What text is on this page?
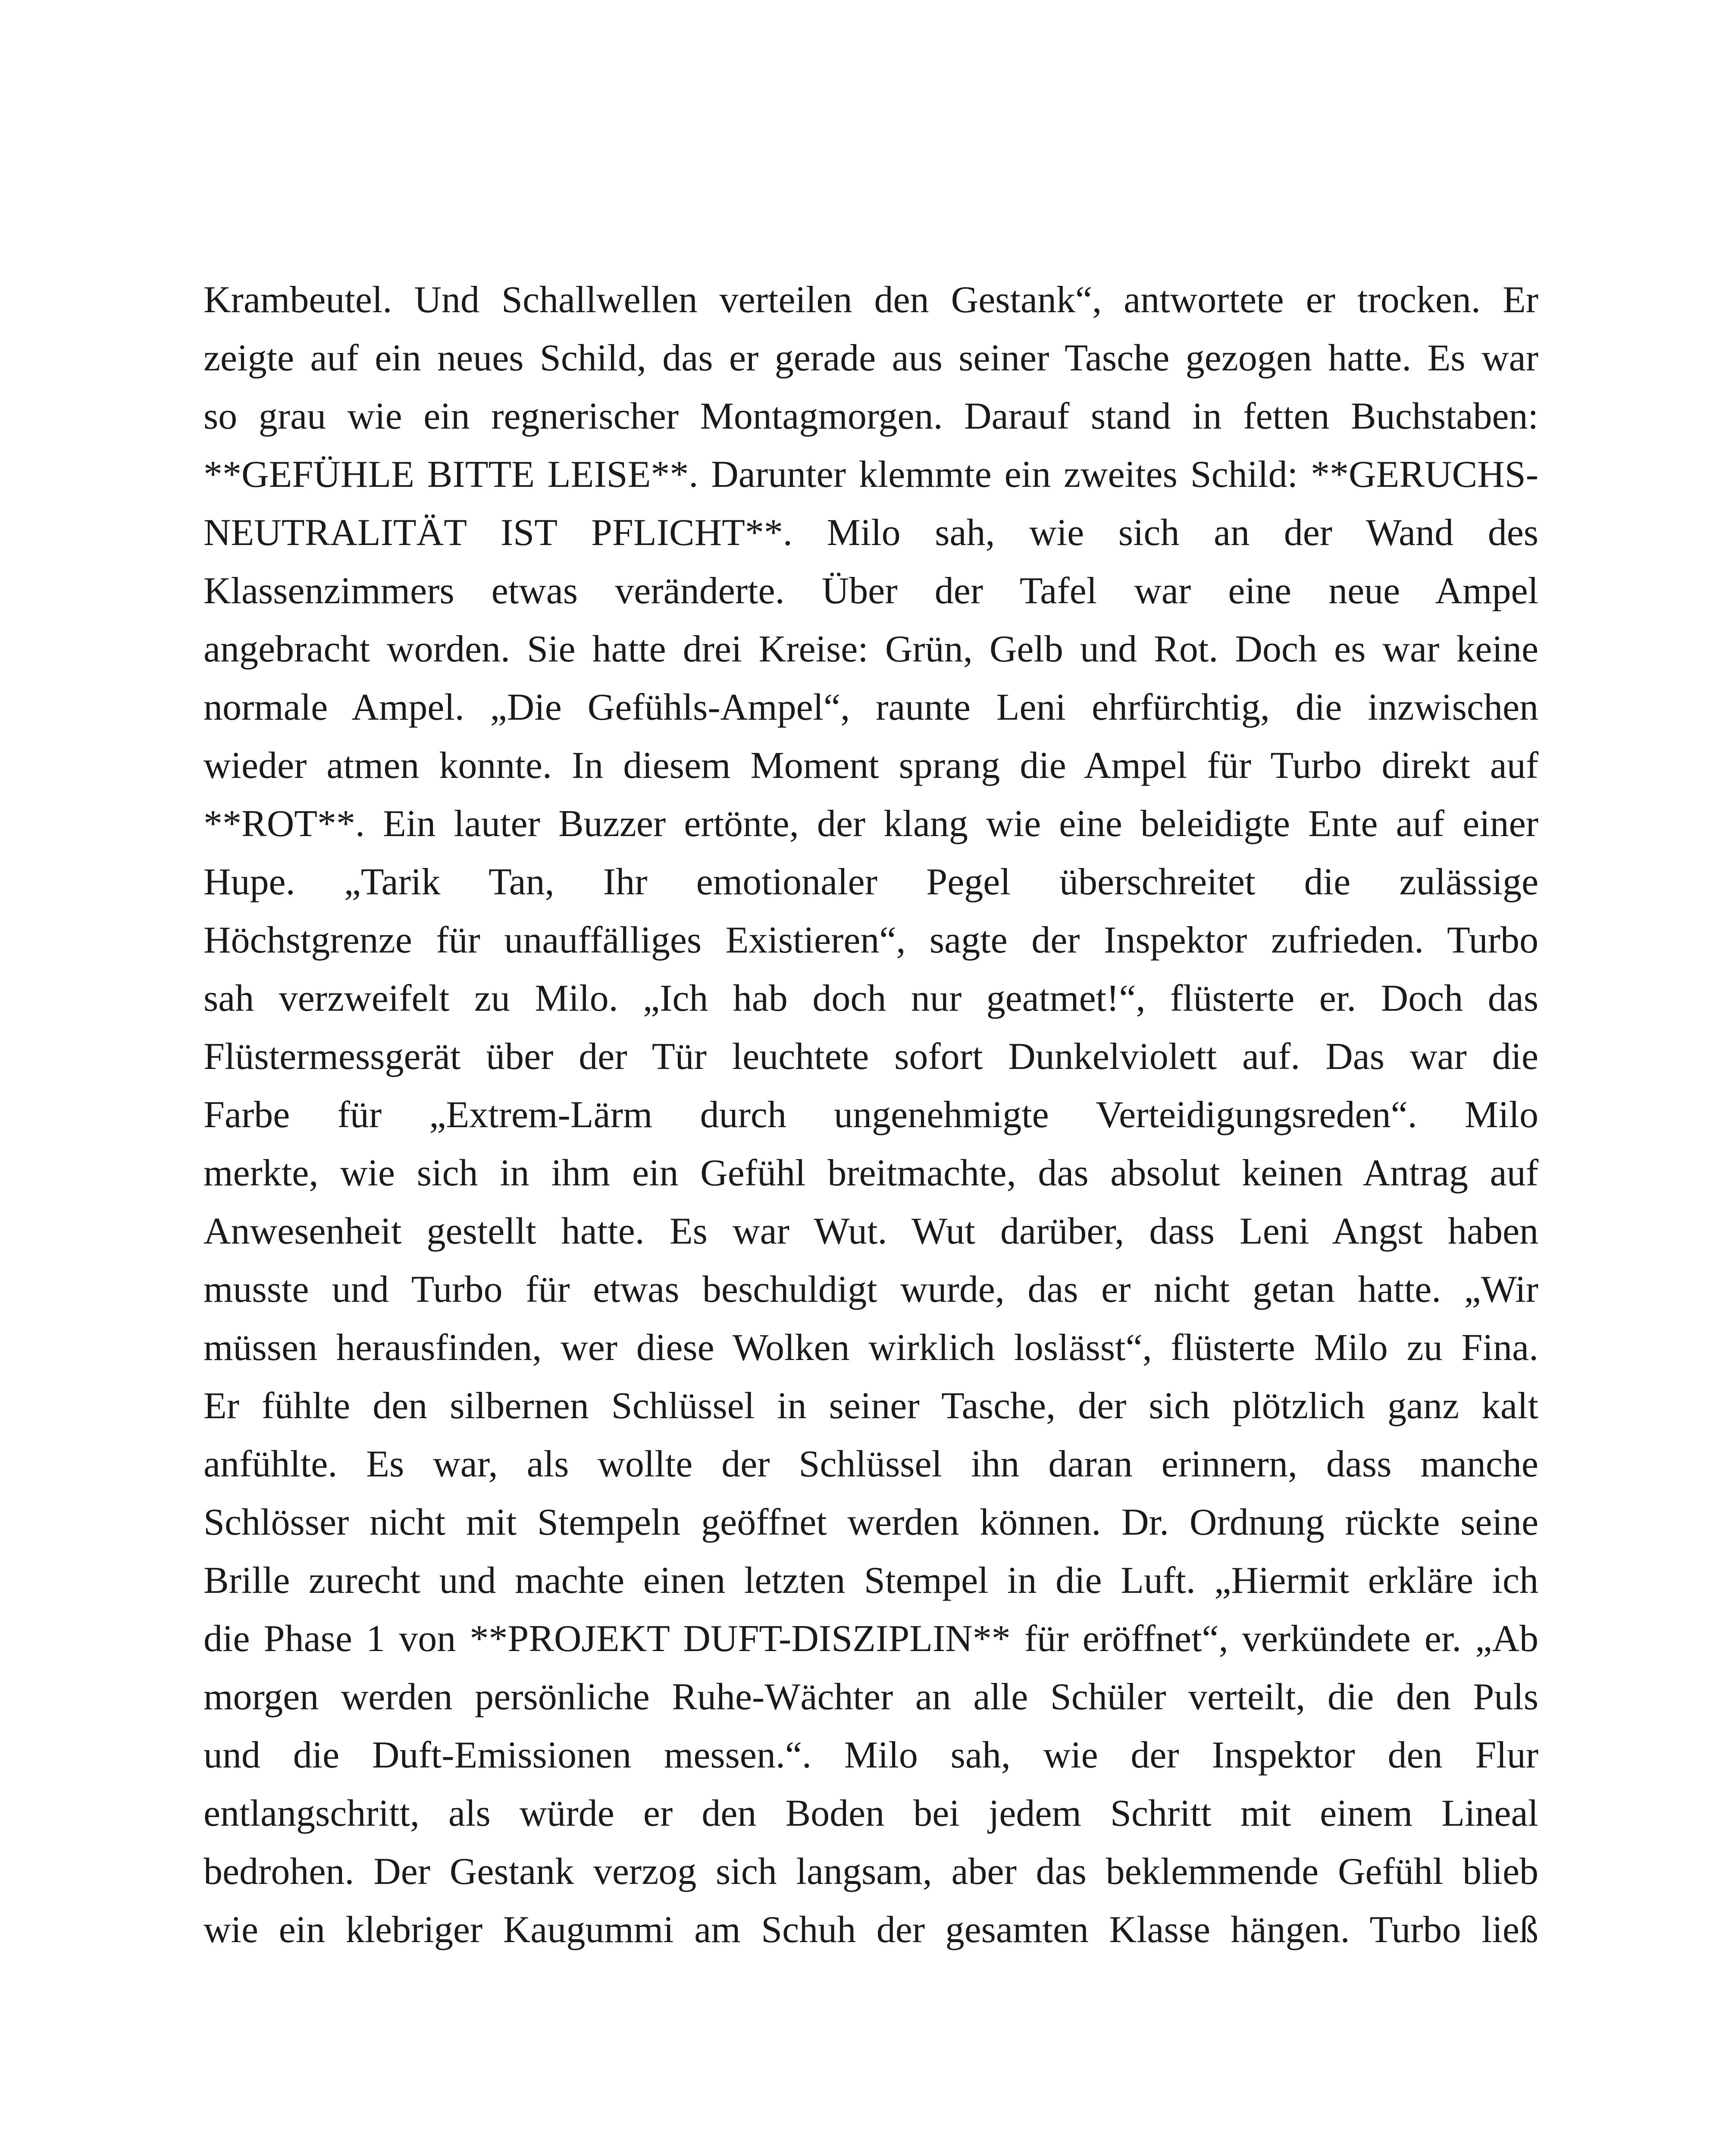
Krambeutel. Und Schallwellen verteilen den Gestank“, antwortete er trocken. Er
zeigte auf ein neues Schild, das er gerade aus seiner Tasche gezogen hatte. Es war
so grau wie ein regnerischer Montagmorgen. Darauf stand in fetten Buchstaben:
**GEFÜHLE BITTE LEISE**. Darunter klemmte ein zweites Schild: **GERUCHS-
NEUTRALITÄT IST PFLICHT**. Milo sah, wie sich an der Wand des
Klassenzimmers etwas veränderte. Über der Tafel war eine neue Ampel
angebracht worden. Sie hatte drei Kreise: Grün, Gelb und Rot. Doch es war keine
normale Ampel. „Die Gefühls-Ampel“, raunte Leni ehrfürchtig, die inzwischen
wieder atmen konnte. In diesem Moment sprang die Ampel für Turbo direkt auf
**ROT**. Ein lauter Buzzer ertönte, der klang wie eine beleidigte Ente auf einer
Hupe. „Tarik Tan, Ihr emotionaler Pegel überschreitet die zulässige
Höchstgrenze für unauffälliges Existieren“, sagte der Inspektor zufrieden. Turbo
sah verzweifelt zu Milo. „Ich hab doch nur geatmet!“, flüsterte er. Doch das
Flüstermessgerät über der Tür leuchtete sofort Dunkelviolett auf. Das war die
Farbe für „Extrem-Lärm durch ungenehmigte Verteidigungsreden“. Milo
merkte, wie sich in ihm ein Gefühl breitmachte, das absolut keinen Antrag auf
Anwesenheit gestellt hatte. Es war Wut. Wut darüber, dass Leni Angst haben
musste und Turbo für etwas beschuldigt wurde, das er nicht getan hatte. „Wir
müssen herausfinden, wer diese Wolken wirklich loslässt“, flüsterte Milo zu Fina.
Er fühlte den silbernen Schlüssel in seiner Tasche, der sich plötzlich ganz kalt
anfühlte. Es war, als wollte der Schlüssel ihn daran erinnern, dass manche
Schlösser nicht mit Stempeln geöffnet werden können. Dr. Ordnung rückte seine
Brille zurecht und machte einen letzten Stempel in die Luft. „Hiermit erkläre ich
die Phase 1 von **PROJEKT DUFT-DISZIPLIN** für eröffnet“, verkündete er. „Ab
morgen werden persönliche Ruhe-Wächter an alle Schüler verteilt, die den Puls
und die Duft-Emissionen messen.“. Milo sah, wie der Inspektor den Flur
entlangschritt, als würde er den Boden bei jedem Schritt mit einem Lineal
bedrohen. Der Gestank verzog sich langsam, aber das beklemmende Gefühl blieb
wie ein klebriger Kaugummi am Schuh der gesamten Klasse hängen. Turbo ließ
